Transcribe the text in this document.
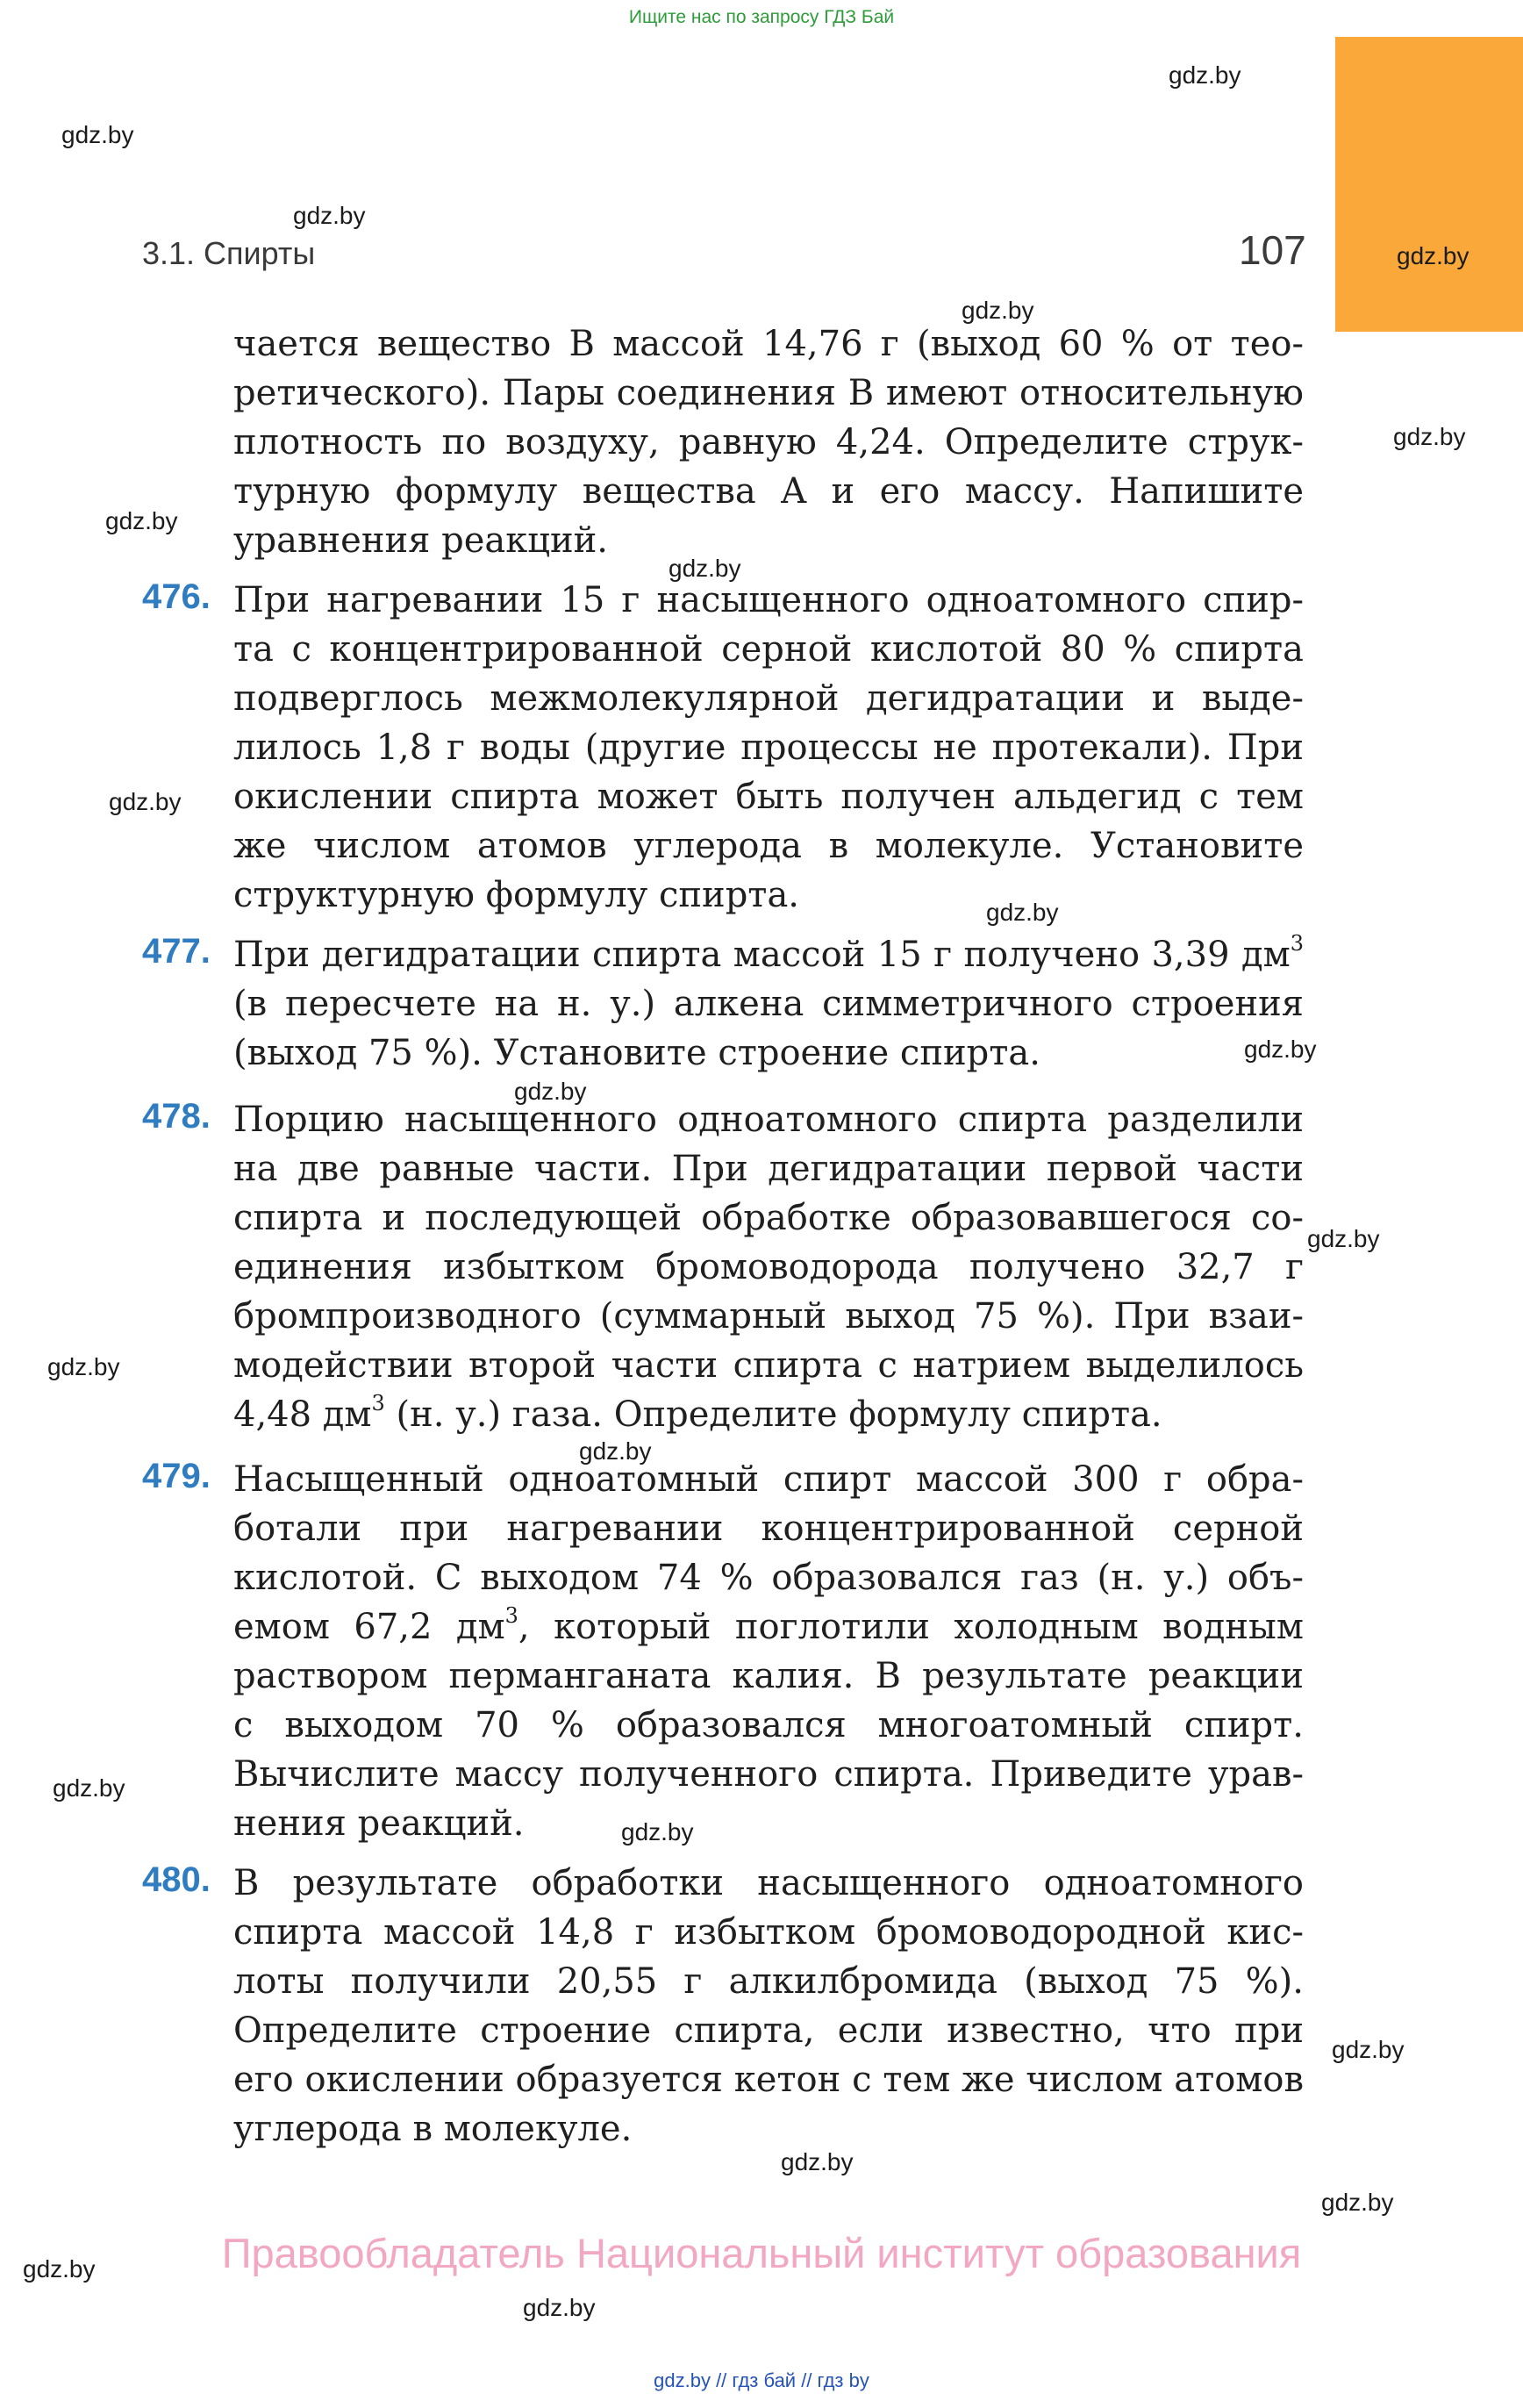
Ищите нас по запросу ГДЗ Бай
gdz.by
gdz.by
gdz.by
gdz.by
gdz.by
gdz.by
gdz.by
gdz.by
gdz.by
gdz.by
gdz.by
gdz.by
gdz.by
gdz.by
gdz.by
gdz.by
gdz.by
gdz.by
gdz.by
gdz.by
gdz.by
gdz.by
3.1. Спирты	107
чается вещество B массой 14,76 г (выход 60 % от тео-
ретического). Пары соединения B имеют относительную
плотность по воздуху, равную 4,24. Определите струк-
турную формулу вещества A и его массу. Напишите
уравнения реакций.
476. При нагревании 15 г насыщенного одноатомного спир-
та с концентрированной серной кислотой 80 % спирта
подверглось межмолекулярной дегидратации и выде-
лилось 1,8 г воды (другие процессы не протекали). При
окислении спирта может быть получен альдегид с тем
же числом атомов углерода в молекуле. Установите
структурную формулу спирта.
477. При дегидратации спирта массой 15 г получено 3,39 $дм^3$
(в пересчете на н. у.) алкена симметричного строения
(выход 75 %). Установите строение спирта.
478. Порцию насыщенного одноатомного спирта разделили
на две равные части. При дегидратации первой части
спирта и последующей обработке образовавшегося со-
единения избытком бромоводорода получено 32,7 г
бромпроизводного (суммарный выход 75 %). При взаи-
модействии второй части спирта с натрием выделилось
4,48 $дм^3$ (н. у.) газа. Определите формулу спирта.
479. Насыщенный одноатомный спирт массой 300 г обра-
ботали при нагревании концентрированной серной
кислотой. С выходом 74 % образовался газ (н. у.) объ-
емом 67,2 $дм^3$, который поглотили холодным водным
раствором перманганата калия. В результате реакции
с выходом 70 % образовался многоатомный спирт.
Вычислите массу полученного спирта. Приведите урав-
нения реакций.
480. В результате обработки насыщенного одноатомного
спирта массой 14,8 г избытком бромоводородной кис-
лоты получили 20,55 г алкилбромида (выход 75 %).
Определите строение спирта, если известно, что при
его окислении образуется кетон с тем же числом атомов
углерода в молекуле.
Правообладатель Национальный институт образования
gdz.by // гдз бай // гдз by
